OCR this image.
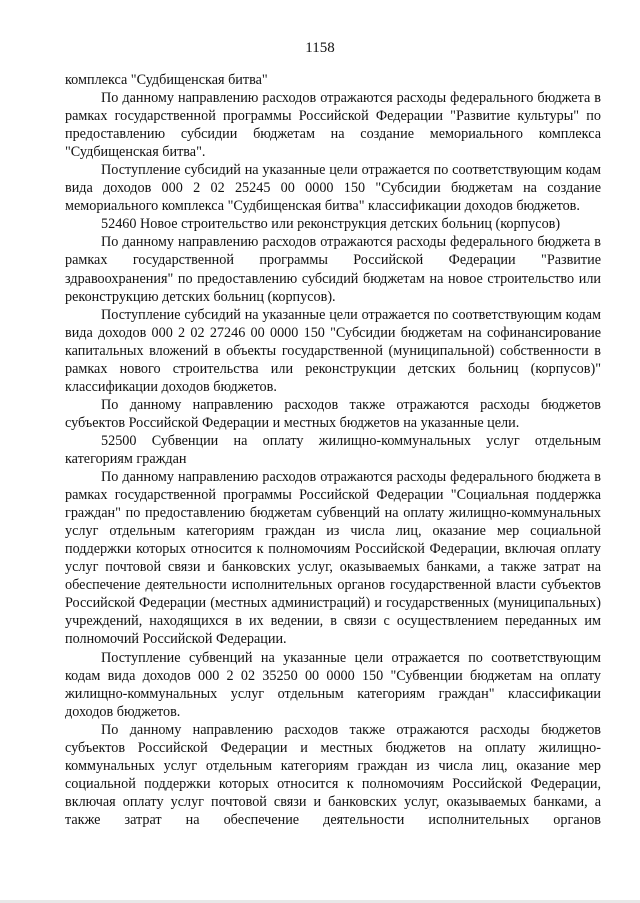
1158

комплекса "Судбищенская битва"

По данному направлению расходов отражаются расходы федерального бюджета в рамках государственной программы Российской Федерации "Развитие культуры" по предоставлению субсидии бюджетам на создание мемориального комплекса "Судбищенская битва".

Поступление субсидий на указанные цели отражается по соответствующим кодам вида доходов 000 2 02 25245 00 0000 150 "Субсидии бюджетам на создание мемориального комплекса "Судбищенская битва" классификации доходов бюджетов.

52460 Новое строительство или реконструкция детских больниц (корпусов)

По данному направлению расходов отражаются расходы федерального бюджета в рамках государственной программы Российской Федерации "Развитие здравоохранения" по предоставлению субсидий бюджетам на новое строительство или реконструкцию детских больниц (корпусов).

Поступление субсидий на указанные цели отражается по соответствующим кодам вида доходов 000 2 02 27246 00 0000 150 "Субсидии бюджетам на софинансирование капитальных вложений в объекты государственной (муниципальной) собственности в рамках нового строительства или реконструкции детских больниц (корпусов)" классификации доходов бюджетов.

По данному направлению расходов также отражаются расходы бюджетов субъектов Российской Федерации и местных бюджетов на указанные цели.

52500 Субвенции на оплату жилищно-коммунальных услуг отдельным категориям граждан

По данному направлению расходов отражаются расходы федерального бюджета в рамках государственной программы Российской Федерации "Социальная поддержка граждан" по предоставлению бюджетам субвенций на оплату жилищно-коммунальных услуг отдельным категориям граждан из числа лиц, оказание мер социальной поддержки которых относится к полномочиям Российской Федерации, включая оплату услуг почтовой связи и банковских услуг, оказываемых банками, а также затрат на обеспечение деятельности исполнительных органов государственной власти субъектов Российской Федерации (местных администраций) и государственных (муниципальных) учреждений, находящихся в их ведении, в связи с осуществлением переданных им полномочий Российской Федерации.

Поступление субвенций на указанные цели отражается по соответствующим кодам вида доходов 000 2 02 35250 00 0000 150 "Субвенции бюджетам на оплату жилищно-коммунальных услуг отдельным категориям граждан" классификации доходов бюджетов.

По данному направлению расходов также отражаются расходы бюджетов субъектов Российской Федерации и местных бюджетов на оплату жилищно-коммунальных услуг отдельным категориям граждан из числа лиц, оказание мер социальной поддержки которых относится к полномочиям Российской Федерации, включая оплату услуг почтовой связи и банковских услуг, оказываемых банками, а также затрат на обеспечение деятельности исполнительных органов
